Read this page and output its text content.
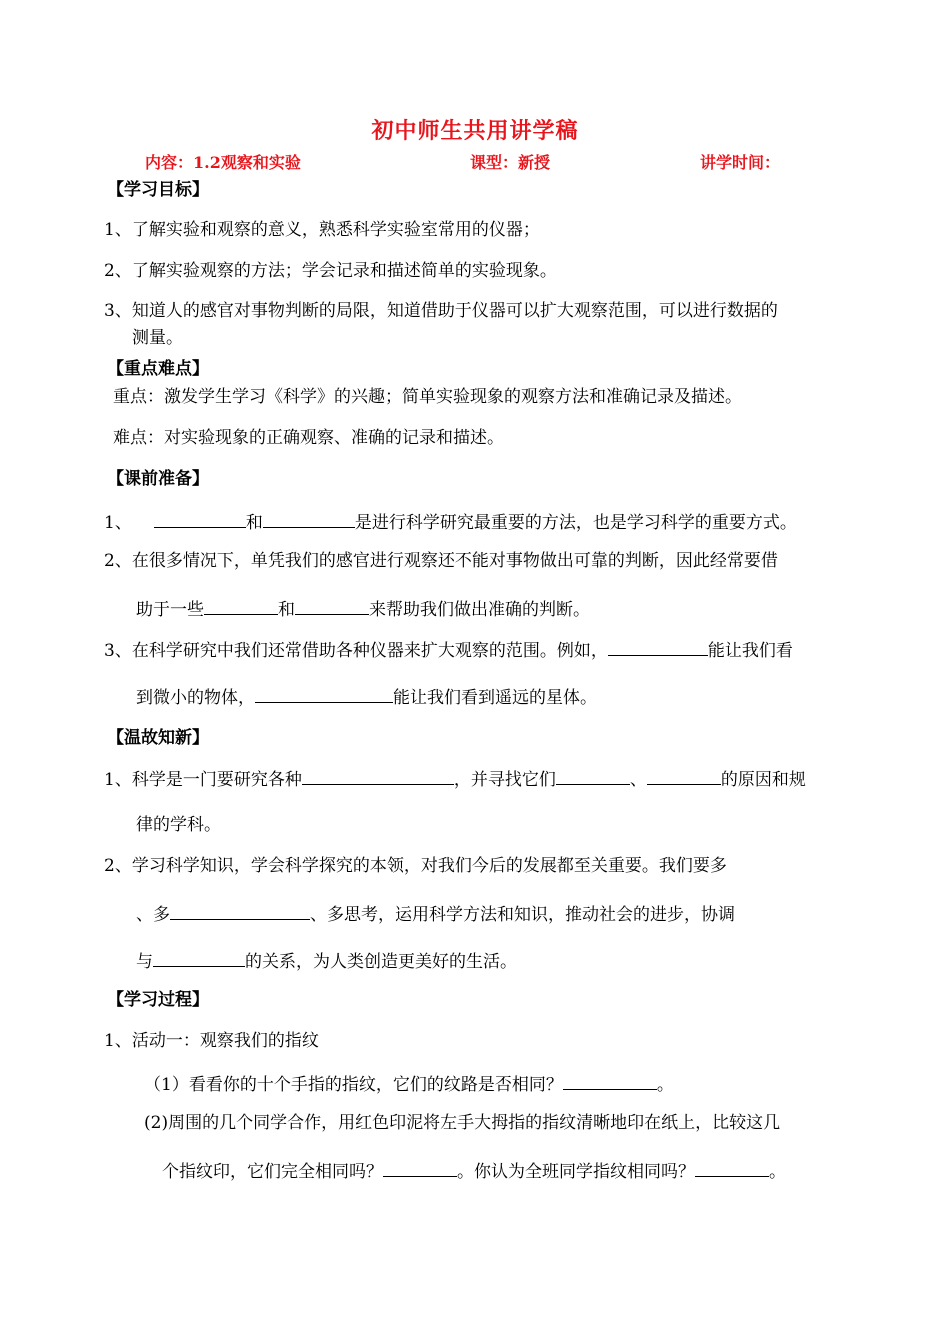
初中师生共用讲学稿
内容：1.2观察和实验	课型：新授	讲学时间：
【学习目标】
1、了解实验和观察的意义，熟悉科学实验室常用的仪器；
2、了解实验观察的方法；学会记录和描述简单的实验现象。
3、知道人的感官对事物判断的局限，知道借助于仪器可以扩大观察范围，可以进行数据的
测量。
【重点难点】
重点：激发学生学习《科学》的兴趣；简单实验现象的观察方法和准确记录及描述。
难点：对实验现象的正确观察、准确的记录和描述。
【课前准备】
1、	和	是进行科学研究最重要的方法，也是学习科学的重要方式。
2、在很多情况下，单凭我们的感官进行观察还不能对事物做出可靠的判断，因此经常要借
助于一些	和	来帮助我们做出准确的判断。
3、在科学研究中我们还常借助各种仪器来扩大观察的范围。例如，	能让我们看
到微小的物体，	能让我们看到遥远的星体。
【温故知新】
1、科学是一门要研究各种	，并寻找它们	、	的原因和规
律的学科。
2、学习科学知识，学会科学探究的本领，对我们今后的发展都至关重要。我们要多
、多	、多思考，运用科学方法和知识，推动社会的进步，协调
与	的关系，为人类创造更美好的生活。
【学习过程】
1、活动一：观察我们的指纹
（1）看看你的十个手指的指纹，它们的纹路是否相同？	。
(2)周围的几个同学合作，用红色印泥将左手大拇指的指纹清晰地印在纸上，比较这几
个指纹印，它们完全相同吗？	。你认为全班同学指纹相同吗？	。
